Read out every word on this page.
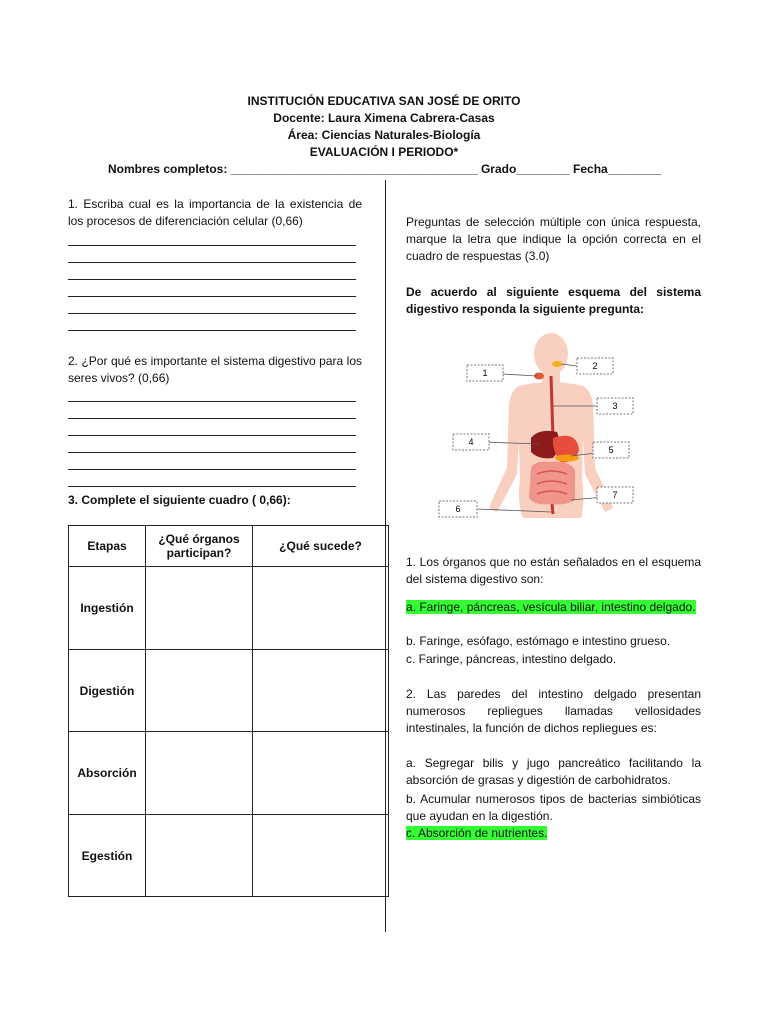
INSTITUCIÓN EDUCATIVA SAN JOSÉ DE ORITO
Docente: Laura Ximena Cabrera-Casas
Área: Ciencias Naturales-Biología
EVALUACIÓN I PERIODO*
Nombres completos: _____________________________________ Grado________ Fecha________
1. Escriba cual es la importancia de la existencia de los procesos de diferenciación celular (0,66)
2. ¿Por qué es importante el sistema digestivo para los seres vivos? (0,66)
3. Complete el siguiente cuadro ( 0,66):
Etapas	¿Qué órganos participan?	¿Qué sucede?
Ingestión		
Digestión		
Absorción		
Egestión		
Preguntas de selección múltiple con única respuesta, marque la letra que indique la opción correcta en el cuadro de respuestas (3.0)
De acuerdo al siguiente esquema del sistema digestivo responda la siguiente pregunta:
1
2
3
4
5
6
7
1. Los órganos que no están señalados en el esquema del sistema digestivo son:
a. Faringe, páncreas, vesícula biliar, intestino delgado.
b. Faringe, esófago, estómago e intestino grueso.
c. Faringe, páncreas, intestino delgado.
2. Las paredes del intestino delgado presentan numerosos repliegues llamadas vellosidades intestinales, la función de dichos repliegues es:
a. Segregar bilis y jugo pancreático facilitando la absorción de grasas y digestión de carbohidratos.
b. Acumular numerosos tipos de bacterias simbióticas que ayudan en la digestión.
c. Absorción de nutrientes.
